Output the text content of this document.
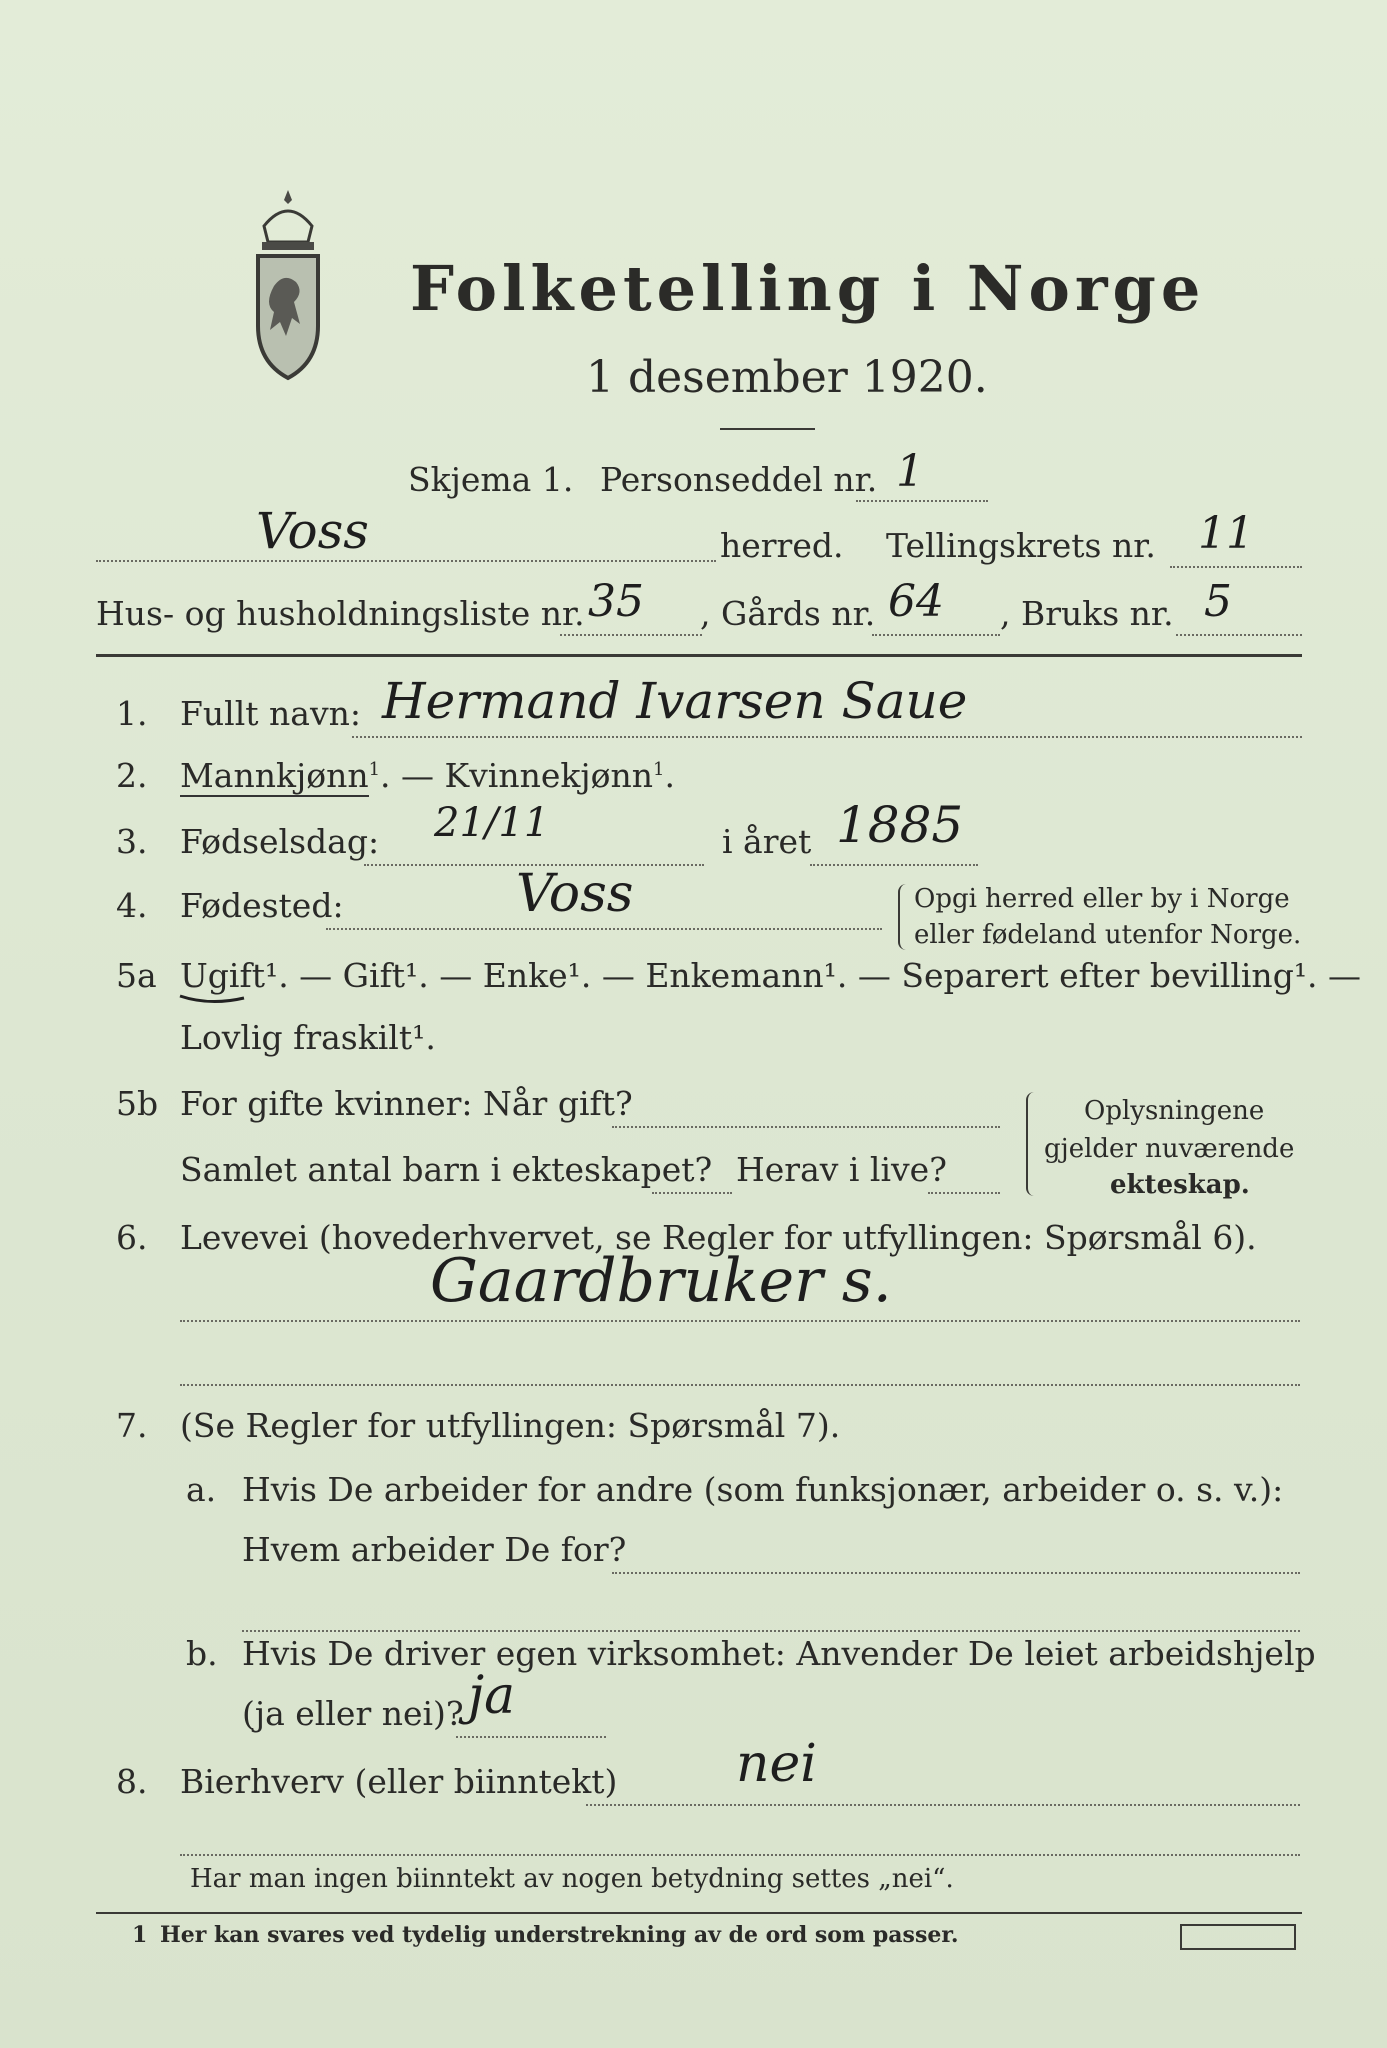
Folketelling i Norge
1 desember 1920.
Skjema 1. Personseddel nr. 1
Voss	herred. Tellingskrets nr. 11
Hus- og husholdningsliste nr. 35 , Gårds nr. 64 , Bruks nr. 5
1. Fullt navn: Hermand Ivarsen Saue
2. Mannkjønn$^1$. — Kvinnekjønn$^1$.
3. Fødselsdag: 21/11	i året 1885
4. Fødested:	Voss	Opgi herred eller by i Norge
eller fødeland utenfor Norge.
5a Ugift¹. — Gift¹. — Enke¹. — Enkemann¹. — Separert efter bevilling¹. —
Lovlig fraskilt¹.
5b For gifte kvinner: Når gift?
Samlet antal barn i ekteskapet? Herav i live?
Oplysningene
gjelder nuværende
ekteskap.
6. Levevei (hovederhvervet, se Regler for utfyllingen: Spørsmål 6).
Gaardbruker s.
7. (Se Regler for utfyllingen: Spørsmål 7).
a. Hvis De arbeider for andre (som funksjonær, arbeider o. s. v.):
Hvem arbeider De for?
b. Hvis De driver egen virksomhet: Anvender De leiet arbeidshjelp
(ja eller nei)? ja
8. Bierhverv (eller biinntekt) nei
Har man ingen biinntekt av nogen betydning settes „nei“.
1 Her kan svares ved tydelig understrekning av de ord som passer.
